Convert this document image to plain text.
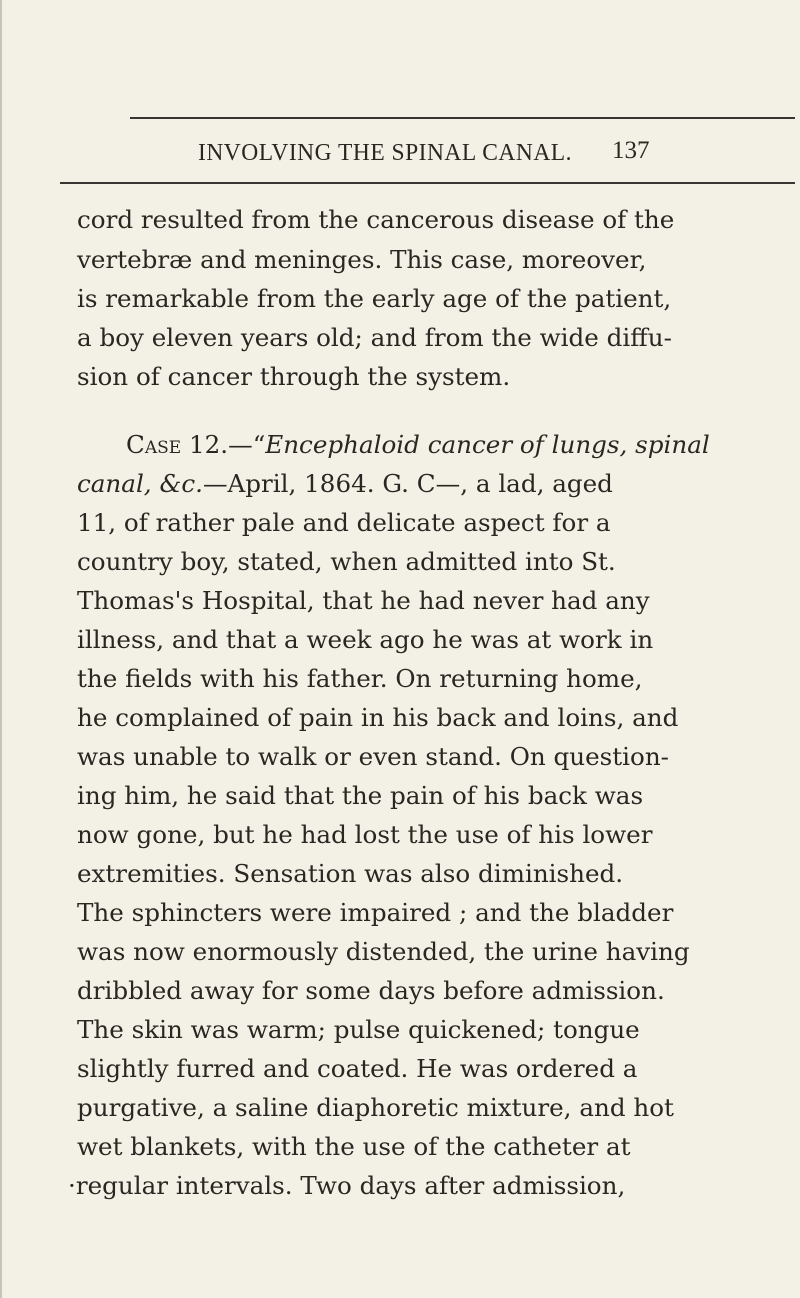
INVOLVING THE SPINAL CANAL. 137
cord resulted from the cancerous disease of the
vertebræ and meninges. This case, moreover,
is remarkable from the early age of the patient,
a boy eleven years old; and from the wide diffu-
sion of cancer through the system.
Case 12.—“Encephaloid cancer of lungs, spinal
canal, &c.—April, 1864. G. C—, a lad, aged
11, of rather pale and delicate aspect for a
country boy, stated, when admitted into St.
Thomas's Hospital, that he had never had any
illness, and that a week ago he was at work in
the fields with his father. On returning home,
he complained of pain in his back and loins, and
was unable to walk or even stand. On question-
ing him, he said that the pain of his back was
now gone, but he had lost the use of his lower
extremities. Sensation was also diminished.
The sphincters were impaired ; and the bladder
was now enormously distended, the urine having
dribbled away for some days before admission.
The skin was warm; pulse quickened; tongue
slightly furred and coated. He was ordered a
purgative, a saline diaphoretic mixture, and hot
wet blankets, with the use of the catheter at
·regular intervals. Two days after admission,
